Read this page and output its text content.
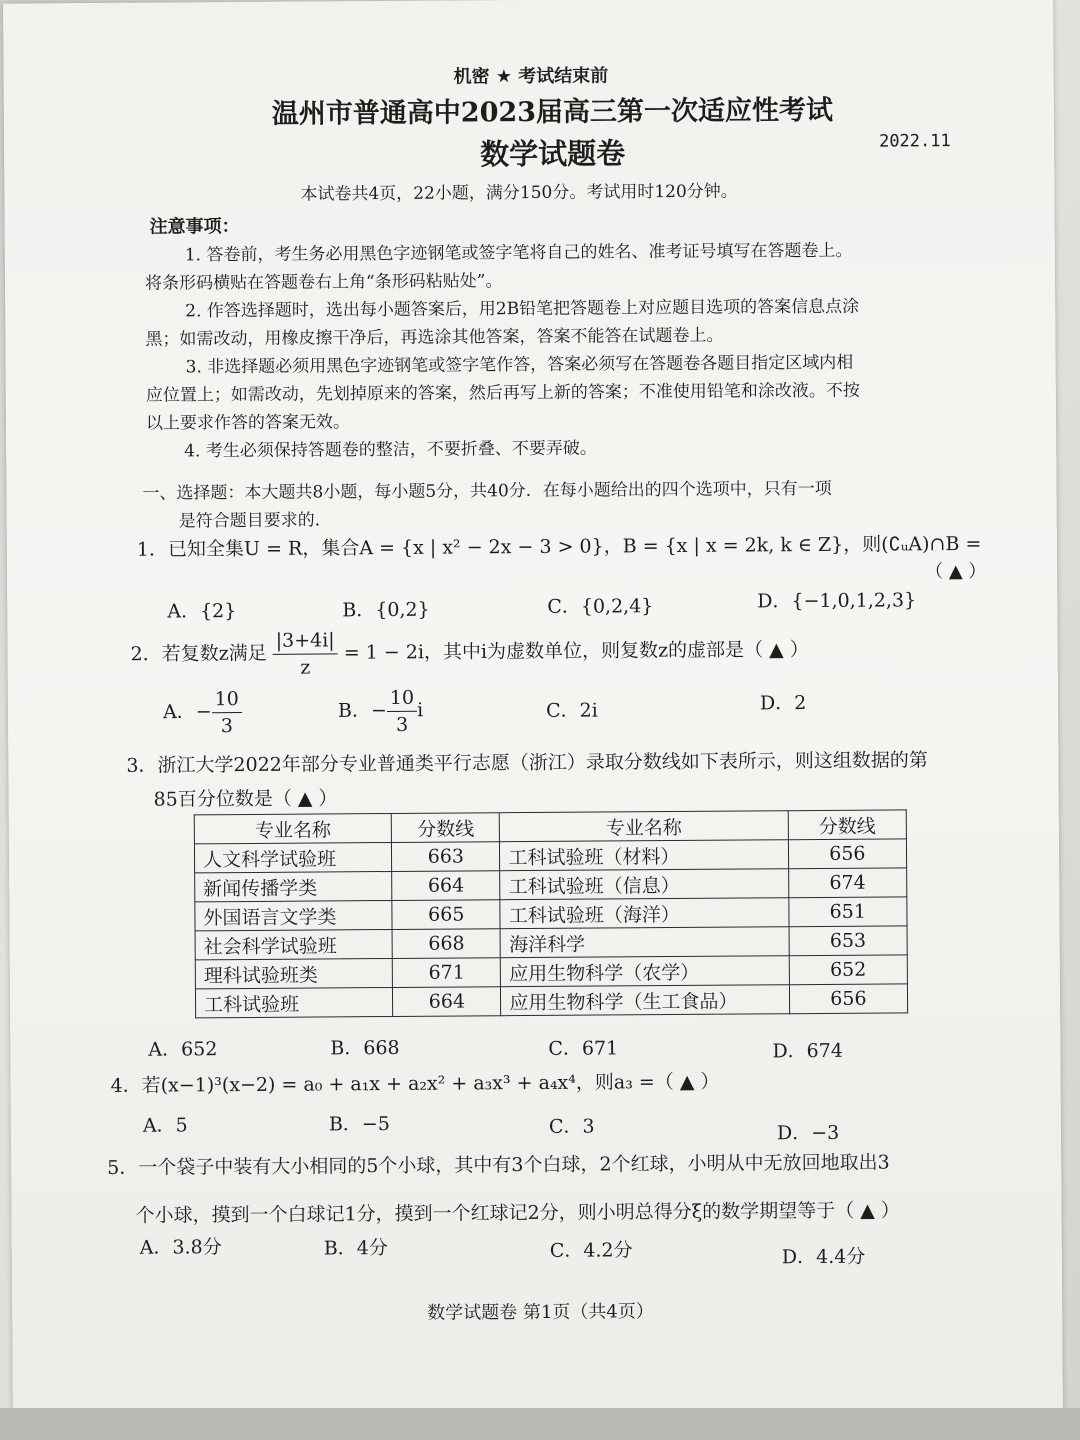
机密 ★ 考试结束前
温州市普通高中2023届高三第一次适应性考试
数学试题卷	2022.11
本试卷共4页，22小题，满分150分。考试用时120分钟。
注意事项：
1. 答卷前，考生务必用黑色字迹钢笔或签字笔将自己的姓名、准考证号填写在答题卷上。
将条形码横贴在答题卷右上角“条形码粘贴处”。
2. 作答选择题时，选出每小题答案后，用2B铅笔把答题卷上对应题目选项的答案信息点涂
黑；如需改动，用橡皮擦干净后，再选涂其他答案，答案不能答在试题卷上。
3. 非选择题必须用黑色字迹钢笔或签字笔作答，答案必须写在答题卷各题目指定区域内相
应位置上；如需改动，先划掉原来的答案，然后再写上新的答案；不准使用铅笔和涂改液。不按
以上要求作答的答案无效。
4. 考生必须保持答题卷的整洁，不要折叠、不要弄破。
一、选择题：本大题共8小题，每小题5分，共40分．在每小题给出的四个选项中，只有一项
是符合题目要求的．
1．已知全集U = R，集合A = {x | x² − 2x − 3 > 0}，B = {x | x = 2k, k ∈ Z}，则(∁ᵤA)∩B =
（ ▲ ）
A．{2}	B．{0,2}	C．{0,2,4}	D．{−1,0,1,2,3}
2．若复数z满足 $\frac{|3+4i|}{z} = 1 - 2i$，其中i为虚数单位，则复数z的虚部是（ ▲ ）
A．− $\frac{10}{3}$	B．− $\frac{10}{3}$ i	C．2i	D．2
3．浙江大学2022年部分专业普通类平行志愿（浙江）录取分数线如下表所示，则这组数据的第
85百分位数是（ ▲ ）
专业名称	分数线	专业名称	分数线
人文科学试验班	663	工科试验班（材料）	656
新闻传播学类	664	工科试验班（信息）	674
外国语言文学类	665	工科试验班（海洋）	651
社会科学试验班	668	海洋科学	653
理科试验班类	671	应用生物科学（农学）	652
工科试验班	664	应用生物科学（生工食品）	656
A．652	B．668	C．671	D．674
4．若(x−1)³(x−2) = a₀ + a₁x + a₂x² + a₃x³ + a₄x⁴，则a₃ =（ ▲ ）
A．5	B．−5	C．3	D．−3
5．一个袋子中装有大小相同的5个小球，其中有3个白球，2个红球，小明从中无放回地取出3
个小球，摸到一个白球记1分，摸到一个红球记2分，则小明总得分ξ的数学期望等于（ ▲ ）
A．3.8分	B．4分	C．4.2分	D．4.4分
数学试题卷 第1页（共4页）
